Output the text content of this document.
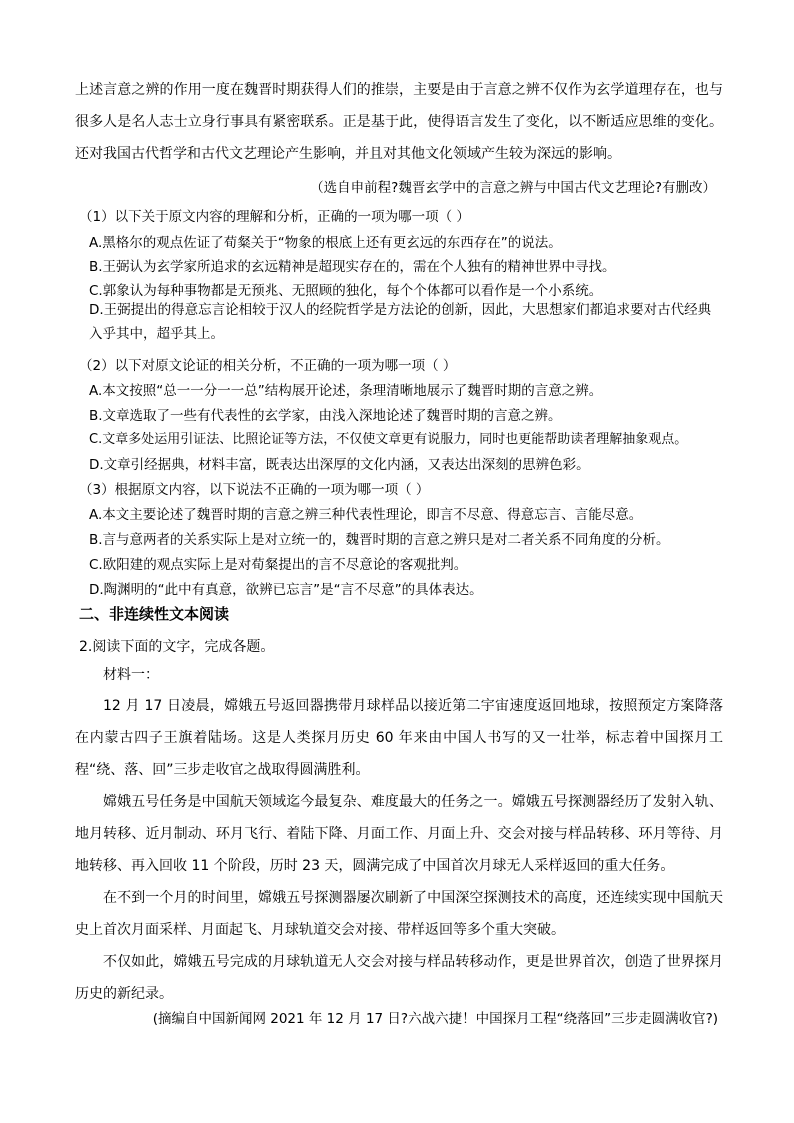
上述言意之辨的作用一度在魏晋时期获得人们的推崇，主要是由于言意之辨不仅作为玄学道理存在，也与很多人是名人志士立身行事具有紧密联系。正是基于此，使得语言发生了变化，以不断适应思维的变化。还对我国古代哲学和古代文艺理论产生影响，并且对其他文化领域产生较为深远的影响。
（选自申前程?魏晋玄学中的言意之辨与中国古代文艺理论?有删改）
（1）以下关于原文内容的理解和分析，正确的一项为哪一项（ ）
A.黑格尔的观点佐证了荀粲关于“物象的根底上还有更玄远的东西存在”的说法。
B.王弼认为玄学家所追求的玄远精神是超现实存在的，需在个人独有的精神世界中寻找。
C.郭象认为每种事物都是无预兆、无照顾的独化，每个个体都可以看作是一个小系统。
D.王弼提出的得意忘言论相较于汉人的经院哲学是方法论的创新，因此，大思想家们都追求要对古代经典入乎其中，超乎其上。
（2）以下对原文论证的相关分析，不正确的一项为哪一项（ ）
A.本文按照“总一一分一一总”结构展开论述，条理清晰地展示了魏晋时期的言意之辨。
B.文章选取了一些有代表性的玄学家，由浅入深地论述了魏晋时期的言意之辨。
C.文章多处运用引证法、比照论证等方法，不仅使文章更有说服力，同时也更能帮助读者理解抽象观点。
D.文章引经据典，材料丰富，既表达出深厚的文化内涵，又表达出深刻的思辨色彩。
（3）根据原文内容，以下说法不正确的一项为哪一项（ ）
A.本文主要论述了魏晋时期的言意之辨三种代表性理论，即言不尽意、得意忘言、言能尽意。
B.言与意两者的关系实际上是对立统一的，魏晋时期的言意之辨只是对二者关系不同角度的分析。
C.欧阳建的观点实际上是对荀粲提出的言不尽意论的客观批判。
D.陶渊明的“此中有真意，欲辨已忘言”是“言不尽意”的具体表达。
二、非连续性文本阅读
2.阅读下面的文字，完成各题。
材料一：
12 月 17 日凌晨，嫦娥五号返回器携带月球样品以接近第二宇宙速度返回地球，按照预定方案降落在内蒙古四子王旗着陆场。这是人类探月历史 60 年来由中国人书写的又一壮举，标志着中国探月工程“绕、落、回”三步走收官之战取得圆满胜利。
嫦娥五号任务是中国航天领域迄今最复杂、难度最大的任务之一。嫦娥五号探测器经历了发射入轨、地月转移、近月制动、环月飞行、着陆下降、月面工作、月面上升、交会对接与样品转移、环月等待、月地转移、再入回收 11 个阶段，历时 23 天，圆满完成了中国首次月球无人采样返回的重大任务。
在不到一个月的时间里，嫦娥五号探测器屡次刷新了中国深空探测技术的高度，还连续实现中国航天史上首次月面采样、月面起飞、月球轨道交会对接、带样返回等多个重大突破。
不仅如此，嫦娥五号完成的月球轨道无人交会对接与样品转移动作，更是世界首次，创造了世界探月历史的新纪录。
(摘编自中国新闻网 2021 年 12 月 17 日?六战六捷！中国探月工程“绕落回”三步走圆满收官?)
